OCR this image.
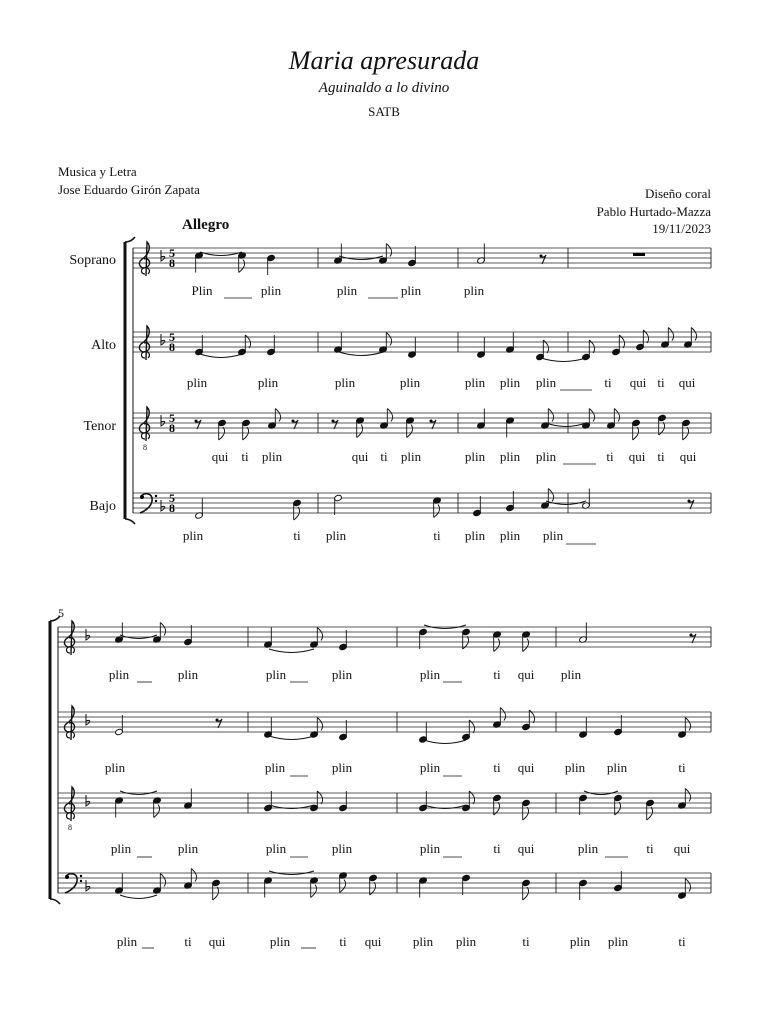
Maria apresurada
Aguinaldo a lo divino
SATB
Musica y Letra
Jose Eduardo Girón Zapata	Diseño coral
Pablo Hurtado-Mazza
19/11/2023
Allegro
Soprano
Alto
Tenor
Bajo
5
5
8
5
8
8
5
8
5
8
8
Plin	plin	plin	plin	plin
plin	plin	plin	plin	plin plin plin	ti qui ti qui
qui ti plin	qui ti plin	plin plin plin	ti qui ti qui
plin	ti plin	ti plin plin plin
plin	plin	plin	plin	plin	ti qui plin
plin	plin	plin	plin	ti qui plin plin	ti
plin	plin	plin	plin	plin	ti qui	plin	ti qui
plin	ti qui	plin	ti qui plin plin	ti	plin plin	ti
